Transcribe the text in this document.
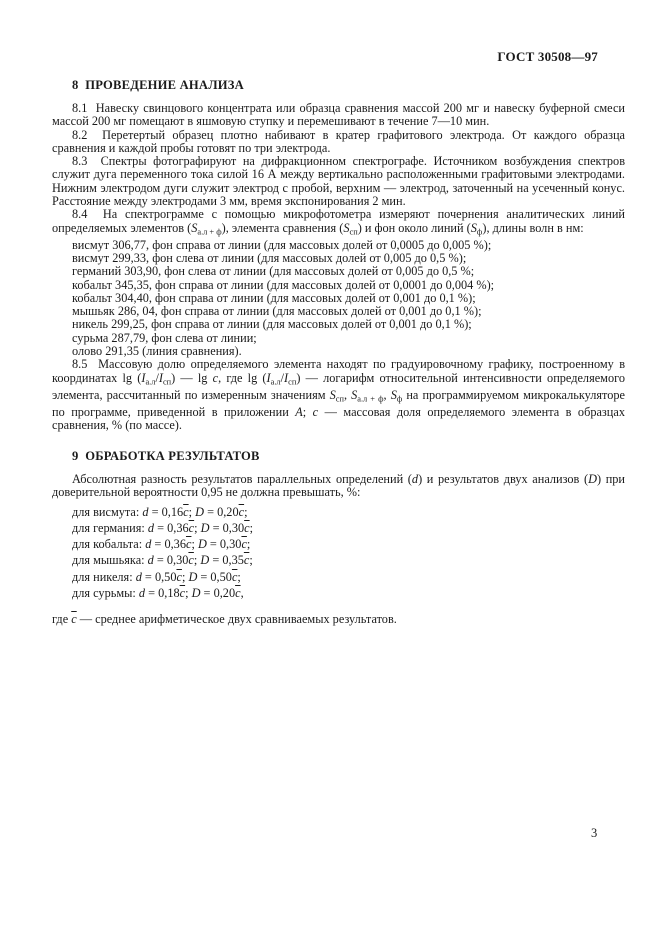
ГОСТ 30508—97
8  ПРОВЕДЕНИЕ АНАЛИЗА

8.1  Навеску свинцового концентрата или образца сравнения массой 200 мг и навеску буферной смеси массой 200 мг помещают в яшмовую ступку и перемешивают в течение 7—10 мин.

8.2  Перетертый образец плотно набивают в кратер графитового электрода. От каждого образца сравнения и каждой пробы готовят по три электрода.

8.3  Спектры фотографируют на дифракционном спектрографе. Источником возбуждения спектров служит дуга переменного тока силой 16 А между вертикально расположенными графитовыми электродами. Нижним электродом дуги служит электрод с пробой, верхним — электрод, заточенный на усеченный конус. Расстояние между электродами 3 мм, время экспонирования 2 мин.

8.4  На спектрограмме с помощью микрофотометра измеряют почернения аналитических линий определяемых элементов $(S_{а.л + ф})$, элемента сравнения $(S_{сп})$ и фон около линий $(S_ф)$, длины волн в нм:

висмут 306,77, фон справа от линии (для массовых долей от 0,0005 до 0,005 %);
висмут 299,33, фон слева от линии (для массовых долей от 0,005 до 0,5 %);
германий 303,90, фон слева от линии (для массовых долей от 0,005 до 0,5 %;
кобальт 345,35, фон справа от линии (для массовых долей от 0,0001 до 0,004 %);
кобальт 304,40, фон справа от линии (для массовых долей от 0,001 до 0,1 %);
мышьяк 286, 04, фон справа от линии (для массовых долей от 0,001 до 0,1 %);
никель 299,25, фон справа от линии (для массовых долей от 0,001 до 0,1 %);
сурьма 287,79, фон слева от линии;
олово 291,35 (линия сравнения).

8.5  Массовую долю определяемого элемента находят по градуировочному графику, построенному в координатах $\lg (I_{а.л}/I_{сп})$ — lg c, где $\lg (I_{а.л}/I_{сп})$ — логарифм относительной интенсивности определяемого элемента, рассчитанный по измеренным значениям $S_{сп}$, $S_{а.л + ф}$, $S_ф$ на программируемом микрокалькуляторе по программе, приведенной в приложении А; с — массовая доля определяемого элемента в образцах сравнения, % (по массе).

9  ОБРАБОТКА РЕЗУЛЬТАТОВ

Абсолютная разность результатов параллельных определений (d) и результатов двух анализов (D) при доверительной вероятности 0,95 не должна превышать, %:

для висмута: $d = 0,16\overline{c}$; $D = 0,20\overline{c}$;
для германия: $d = 0,36\overline{c}$; $D = 0,30\overline{c}$;
для кобальта: $d = 0,36\overline{c}$; $D = 0,30\overline{c}$;
для мышьяка: $d = 0,30\overline{c}$; $D = 0,35\overline{c}$;
для никеля: $d = 0,50\overline{c}$; $D = 0,50\overline{c}$;
для сурьмы: $d = 0,18\overline{c}$; $D = 0,20\overline{c}$,

где $\overline{c}$ — среднее арифметическое двух сравниваемых результатов.

3
